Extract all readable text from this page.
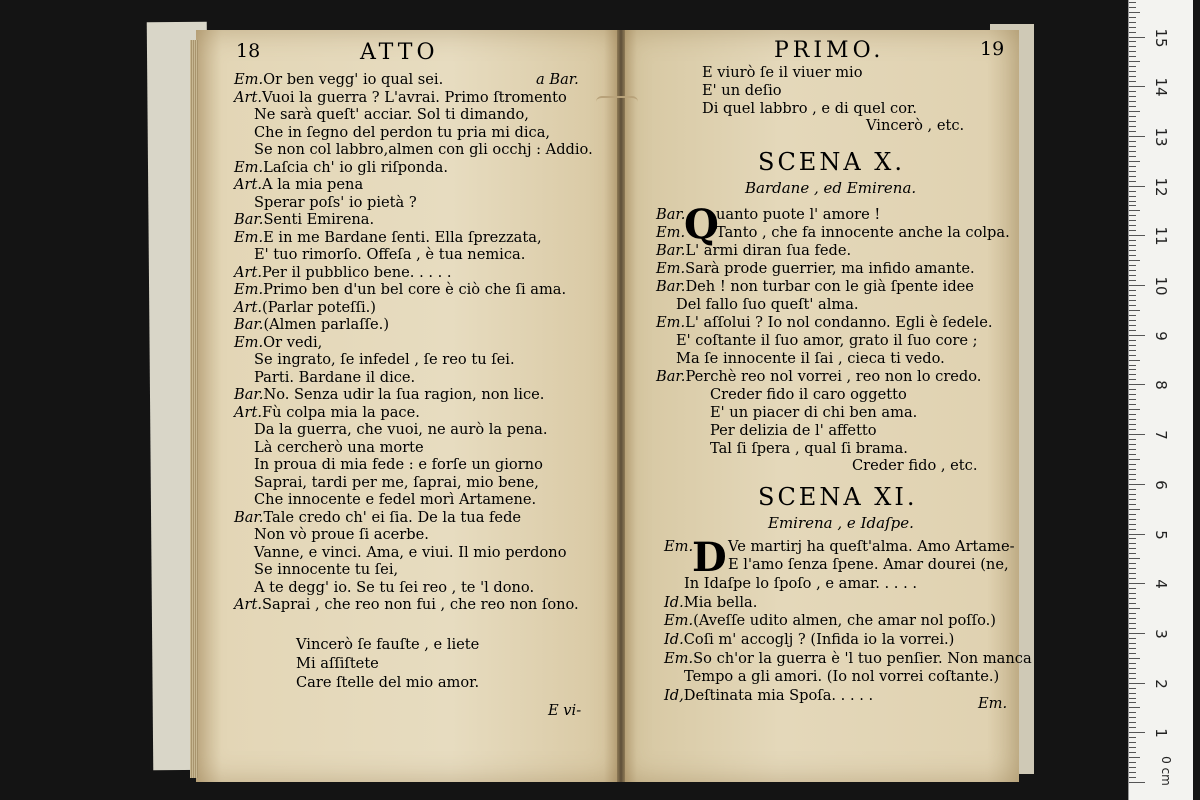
18	ATTO
Em.Or ben vegg' io qual sei.	a Bar.
Art.Vuoi la guerra ? L'avrai. Primo ſtromento
Ne sarà queſt' acciar. Sol ti dimando,
Che in ſegno del perdon tu pria mi dica,
Se non col labbro,almen con gli occhj : Addio.
Em.Laſcia ch' io gli riſponda.
Art.A la mia pena
Sperar poſs' io pietà ?
Bar.Senti Emirena.
Em.E in me Bardane ſenti. Ella ſprezzata,
E' tuo rimorſo. Offeſa , è tua nemica.
Art.Per il pubblico bene. . . . .
Em.Primo ben d'un bel core è ciò che ſi ama.
Art.(Parlar poteſſi.)
Bar.(Almen parlaſſe.)
Em.Or vedi,
Se ingrato, ſe infedel , ſe reo tu ſei.
Parti. Bardane il dice.
Bar.No. Senza udir la ſua ragion, non lice.
Art.Fù colpa mia la pace.
Da la guerra, che vuoi, ne aurò la pena.
Là cercherò una morte
In proua di mia fede : e forſe un giorno
Saprai, tardi per me, ſaprai, mio bene,
Che innocente e fedel morì Artamene.
Bar.Tale credo ch' ei ſia. De la tua fede
Non vò proue ſi acerbe.
Vanne, e vinci. Ama, e viui. Il mio perdono
Se innocente tu ſei,
A te degg' io. Se tu ſei reo , te 'l dono.
Art.Saprai , che reo non fui , che reo non ſono.
Vincerò ſe fauſte , e liete
Mi aſſiſtete
Care ſtelle del mio amor.
E vi-
PRIMO.	19
E viurò ſe il viuer mio
E' un deſio
Di quel labbro , e di quel cor.
Vincerò , etc.
SCENA X.
Bardane , ed Emirena.
Q
Bar. uanto puote l' amore !
Em. Tanto , che fa innocente anche la colpa.
Bar.L' armi diran ſua fede.
Em.Sarà prode guerrier, ma infido amante.
Bar.Deh ! non turbar con le già ſpente idee
Del fallo ſuo queſt' alma.
Em.L' aſſolui ? Io nol condanno. Egli è ſedele.
E' coſtante il ſuo amor, grato il ſuo core ;
Ma ſe innocente il ſai , cieca ti vedo.
Bar.Perchè reo nol vorrei , reo non lo credo.
Creder fido il caro oggetto
E' un piacer di chi ben ama.
Per delizia de l' affetto
Tal ſi ſpera , qual ſi brama.
Creder fido , etc.
SCENA XI.
Emirena , e Idaſpe.
D
Em. Ve martirj ha queſt'alma. Amo Artame-
E l'amo ſenza ſpene. Amar dourei (ne,
In Idaſpe lo ſpoſo , e amar. . . . .
Id.Mia bella.
Em.(Aveſſe udito almen, che amar nol poſſo.)
Id.Coſi m' accoglj ? (Infida io la vorrei.)
Em.So ch'or la guerra è 'l tuo penſier. Non manca
Tempo a gli amori. (Io nol vorrei coſtante.)
Id,Deſtinata mia Spoſa. . . . .	Em.

15
14
13
12
11
10
9
8
7
6
5
4
3
2
1
0 cm
